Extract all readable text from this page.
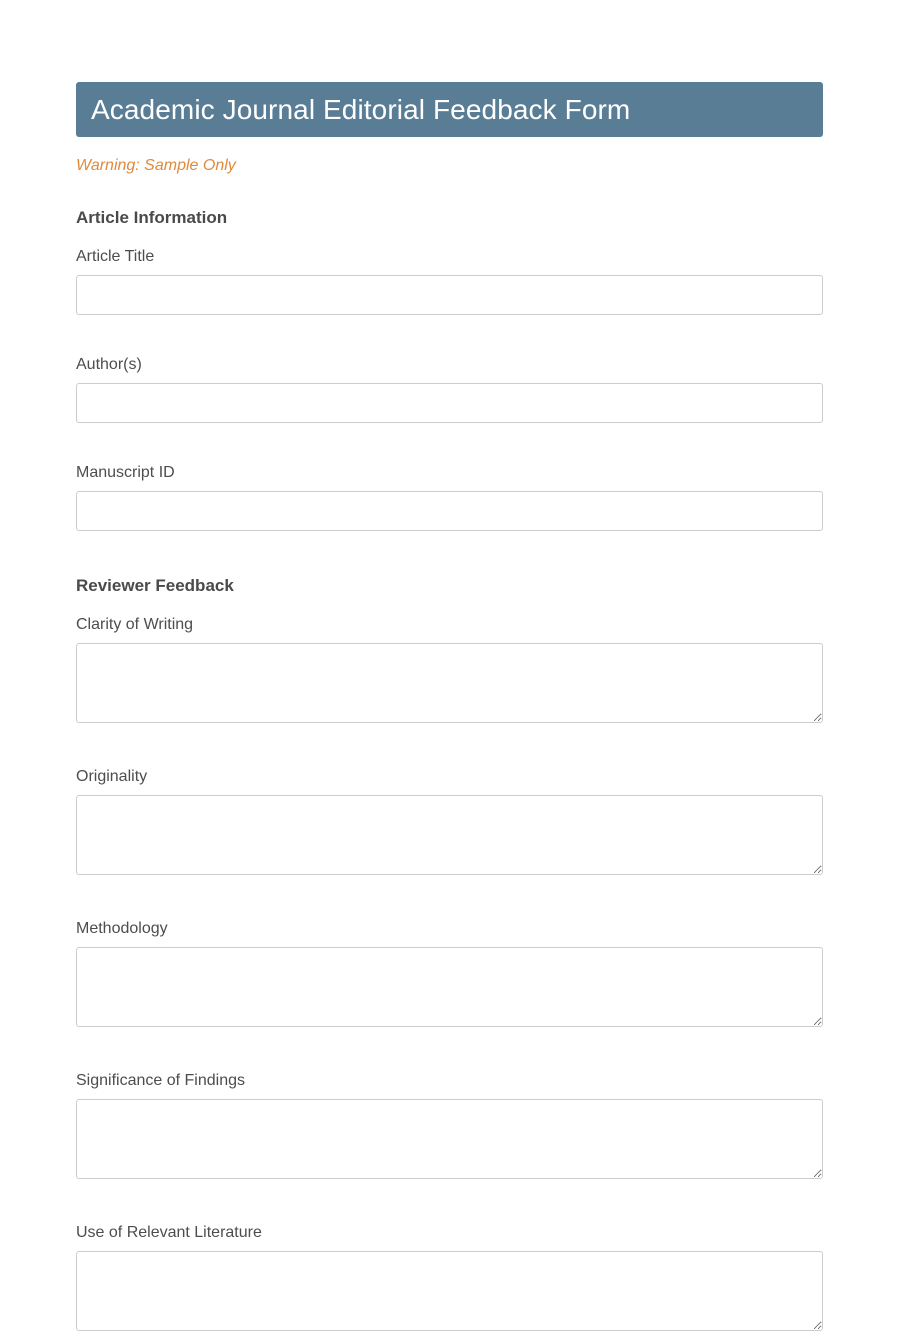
Academic Journal Editorial Feedback Form
Warning: Sample Only
Article Information
Article Title
Author(s)
Manuscript ID
Reviewer Feedback
Clarity of Writing
Originality
Methodology
Significance of Findings
Use of Relevant Literature
